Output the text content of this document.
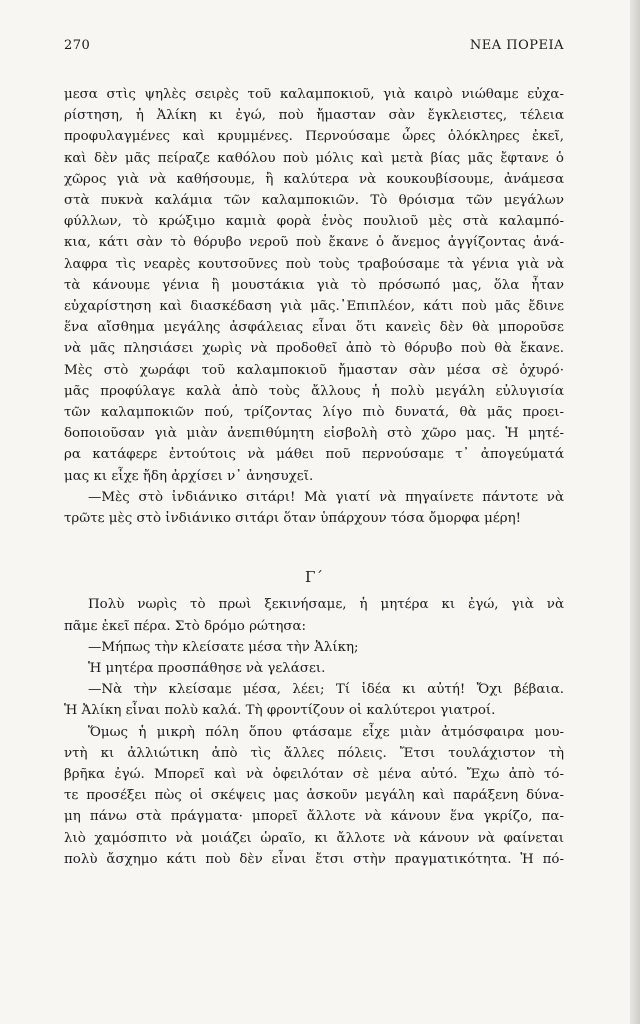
270	ΝΕΑ ΠΟΡΕΙΑ
μεσα στὶς ψηλὲς σειρὲς τοῦ καλαμποκιοῦ, γιὰ καιρὸ νιώθαμε εὐχα-
ρίστηση, ἡ Ἀλίκη κι ἐγώ, ποὺ ἤμασταν σὰν ἔγκλειστες, τέλεια
προφυλαγμένες καὶ κρυμμένες. Περνούσαμε ὧρες ὁλόκληρες ἐκεῖ,
καὶ δὲν μᾶς πείραζε καθόλου ποὺ μόλις καὶ μετὰ βίας μᾶς ἔφτανε ὁ
χῶρος γιὰ νὰ καθήσουμε, ἢ καλύτερα νὰ κουκουβίσουμε, ἀνάμεσα
στὰ πυκνὰ καλάμια τῶν καλαμποκιῶν. Τὸ θρόισμα τῶν μεγάλων
φύλλων, τὸ κρώξιμο καμιὰ φορὰ ἑνὸς πουλιοῦ μὲς στὰ καλαμπό-
κια, κάτι σὰν τὸ θόρυβο νεροῦ ποὺ ἔκανε ὁ ἄνεμος ἀγγίζοντας ἀνά-
λαφρα τὶς νεαρὲς κουτσοῦνες ποὺ τοὺς τραβούσαμε τὰ γένια γιὰ νὰ
τὰ κάνουμε γένια ἢ μουστάκια γιὰ τὸ πρόσωπό μας, ὅλα ἦταν
εὐχαρίστηση καὶ διασκέδαση γιὰ μᾶς.᾿Επιπλέον, κάτι ποὺ μᾶς ἔδινε
ἕνα αἴσθημα μεγάλης ἀσφάλειας εἶναι ὅτι κανεὶς δὲν θὰ μποροῦσε
νὰ μᾶς πλησιάσει χωρὶς νὰ προδοθεῖ ἀπὸ τὸ θόρυβο ποὺ θὰ ἔκανε.
Μὲς στὸ χωράφι τοῦ καλαμποκιοῦ ἤμασταν σὰν μέσα σὲ ὀχυρό·
μᾶς προφύλαγε καλὰ ἀπὸ τοὺς ἄλλους ἡ πολὺ μεγάλη εὐλυγισία
τῶν καλαμποκιῶν πού, τρίζοντας λίγο πιὸ δυνατά, θὰ μᾶς προει-
δοποιοῦσαν γιὰ μιὰν ἀνεπιθύμητη εἰσβολὴ στὸ χῶρο μας. Ἡ μητέ-
ρα κατάφερε ἐντούτοις νὰ μάθει ποῦ περνούσαμε τ᾿ ἀπογεύματά
μας κι εἶχε ἤδη ἀρχίσει ν᾿ ἀνησυχεῖ.
—Μὲς στὸ ἰνδιάνικο σιτάρι! Μὰ γιατί νὰ πηγαίνετε πάντοτε νὰ
τρῶτε μὲς στὸ ἰνδιάνικο σιτάρι ὅταν ὑπάρχουν τόσα ὄμορφα μέρη!
Γ΄
Πολὺ νωρὶς τὸ πρωὶ ξεκινήσαμε, ἡ μητέρα κι ἐγώ, γιὰ νὰ
πᾶμε ἐκεῖ πέρα. Στὸ δρόμο ρώτησα:
—Μήπως τὴν κλείσατε μέσα τὴν Ἀλίκη;
Ἡ μητέρα προσπάθησε νὰ γελάσει.
—Νὰ τὴν κλείσαμε μέσα, λέει; Τί ἰδέα κι αὐτή! Ὄχι βέβαια.
Ἡ Ἀλίκη εἶναι πολὺ καλά. Τὴ φροντίζουν οἱ καλύτεροι γιατροί.
Ὅμως ἡ μικρὴ πόλη ὅπου φτάσαμε εἶχε μιὰν ἀτμόσφαιρα μου-
ντὴ κι ἀλλιώτικη ἀπὸ τὶς ἄλλες πόλεις. Ἔτσι τουλάχιστον τὴ
βρῆκα ἐγώ. Μπορεῖ καὶ νὰ ὀφειλόταν σὲ μένα αὐτό. Ἔχω ἀπὸ τό-
τε προσέξει πὼς οἱ σκέψεις μας ἀσκοῦν μεγάλη καὶ παράξενη δύνα-
μη πάνω στὰ πράγματα· μπορεῖ ἄλλοτε νὰ κάνουν ἕνα γκρίζο, πα-
λιὸ χαμόσπιτο νὰ μοιάζει ὡραῖο, κι ἄλλοτε νὰ κάνουν νὰ φαίνεται
πολὺ ἄσχημο κάτι ποὺ δὲν εἶναι ἔτσι στὴν πραγματικότητα. Ἡ πό-
